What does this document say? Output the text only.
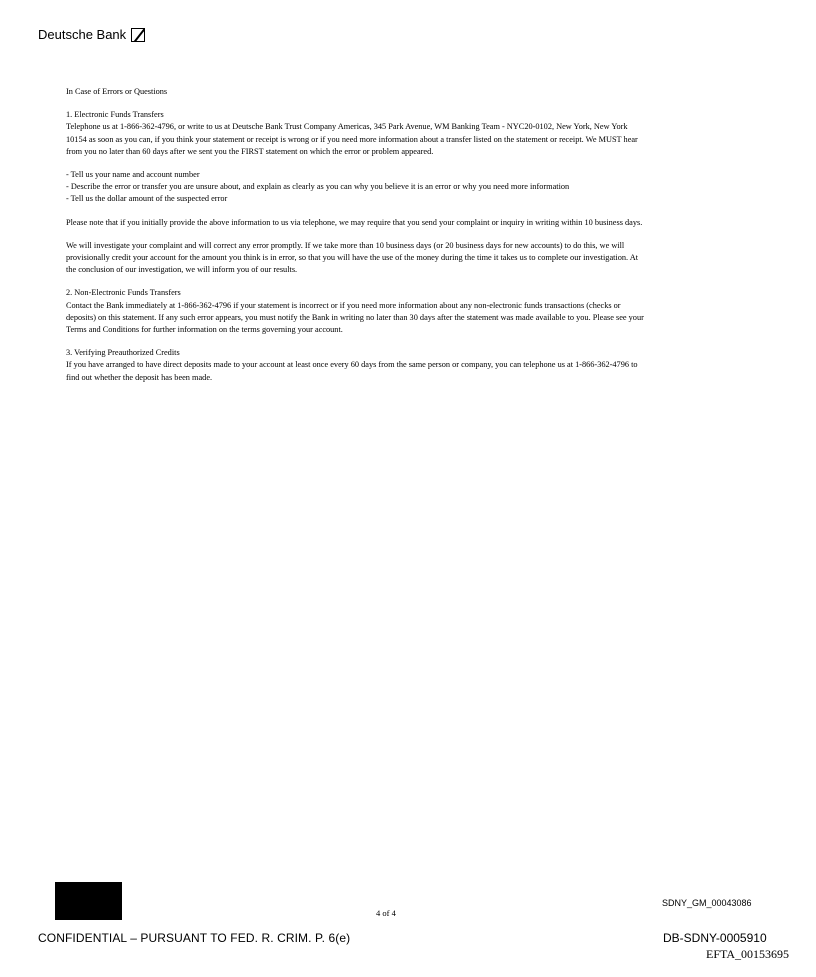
Deutsche Bank

In Case of Errors or Questions

1. Electronic Funds Transfers
Telephone us at 1-866-362-4796, or write to us at Deutsche Bank Trust Company Americas, 345 Park Avenue, WM Banking Team - NYC20-0102, New York, New York 10154 as soon as you can, if you think your statement or receipt is wrong or if you need more information about a transfer listed on the statement or receipt. We MUST hear from you no later than 60 days after we sent you the FIRST statement on which the error or problem appeared.

- Tell us your name and account number
- Describe the error or transfer you are unsure about, and explain as clearly as you can why you believe it is an error or why you need more information
- Tell us the dollar amount of the suspected error

Please note that if you initially provide the above information to us via telephone, we may require that you send your complaint or inquiry in writing within 10 business days.

We will investigate your complaint and will correct any error promptly. If we take more than 10 business days (or 20 business days for new accounts) to do this, we will provisionally credit your account for the amount you think is in error, so that you will have the use of the money during the time it takes us to complete our investigation. At the conclusion of our investigation, we will inform you of our results.

2. Non-Electronic Funds Transfers
Contact the Bank immediately at 1-866-362-4796 if your statement is incorrect or if you need more information about any non-electronic funds transactions (checks or deposits) on this statement. If any such error appears, you must notify the Bank in writing no later than 30 days after the statement was made available to you. Please see your Terms and Conditions for further information on the terms governing your account.

3. Verifying Preauthorized Credits
If you have arranged to have direct deposits made to your account at least once every 60 days from the same person or company, you can telephone us at 1-866-362-4796 to find out whether the deposit has been made.

4 of 4
SDNY_GM_00043086
CONFIDENTIAL – PURSUANT TO FED. R. CRIM. P. 6(e)	DB-SDNY-0005910
EFTA_00153695
